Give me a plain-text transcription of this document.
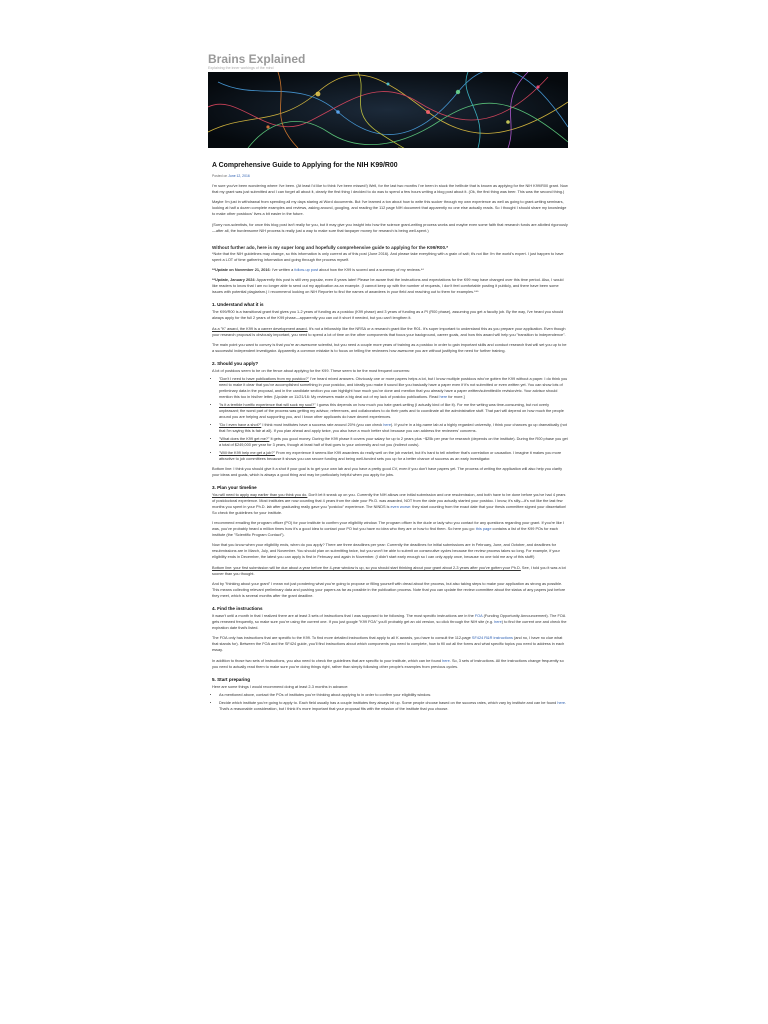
Brains Explained
Explaining the inner workings of the mind
A Comprehensive Guide to Applying for the NIH K99/R00
Posted on June 12, 2016

I'm sure you've been wondering where I've been. (At least I'd like to think I've been missed!) Well, for the last two months I've been in stuck the hellhole that is known as applying for the NIH K99/R00 grant. Now that my grant was just submitted and I can forget all about it, clearly the first thing I decided to do was to spend a few hours writing a blog post about it. (Ok, the first thing was beer. This was the second thing.)

Maybe I'm just in withdrawal from spending all my days staring at Word documents. But I've learned a ton about how to write this sucker through my own experience as well as going to grant-writing seminars, looking at half a dozen complete examples and reviews, asking around, googling, and reading the 112 page NIH document that apparently no one else actually reads. So I thought I should share my knowledge to make other postdocs' lives a bit easier in the future.

(Sorry non-scientists, for once this blog post isn't really for you, but it may give you insight into how the science grant-writing process works and maybe even some faith that research funds are allotted rigorously—after all, the burdensome NIH process is really just a way to make sure that taxpayer money for research is being well-spent.)

Without further ado, here is my super long and hopefully comprehensive guide to applying for the K99/R00.*
*Note that the NIH guidelines may change, so this information is only current as of this post (June 2016). And please take everything with a grain of salt; it's not like I'm the world's expert. I just happen to have spent a LOT of time gathering information and going through the process myself.

**Update on November 21, 2016: I've written a follow-up post about how the K99 is scored and a summary of my reviews.**

**Update, January 2024: Apparently this post is still very popular, even 8 years later! Please be aware that the instructions and expectations for the K99 may have changed over this time period. Also, I would like readers to know that I am no longer able to send out my application as an example. (I cannot keep up with the number of requests, I don't feel comfortable posting it publicly, and there have been some issues with potential plagiarism.) I recommend looking on NIH Reporter to find the names of awardees in your field and reaching out to them for examples.***

1. Understand what it is

The K99/R00 is a transitional grant that gives you 1-2 years of funding as a postdoc (K99 phase) and 3 years of funding as a PI (R00 phase), assuming you get a faculty job. By the way, I've heard you should always apply for the full 2 years of the K99 phase—apparently you can cut it short if needed, but you can't lengthen it.

As a "K" award, the K99 is a career development award. It's not a fellowship like the NRSA or a research grant like the R01. It's super important to understand this as you prepare your application. Even though your research proposal is obviously important, you need to spend a lot of time on the other components that focus your background, career goals, and how this award will help you "transition to independence".

The main point you want to convey is that you're an awesome scientist, but you need a couple more years of training as a postdoc in order to gain important skills and conduct research that will set you up to be a successful independent investigator. Apparently a common mistake is to focus on telling the reviewers how awesome you are without justifying the need for further training.

2. Should you apply?

A lot of postdocs seem to be on the fence about applying for the K99. These seem to be the most frequent concerns:

• "Don't I need to have publications from my postdoc?" I've heard mixed answers. Obviously one or more papers helps a lot, but I know multiple postdocs who've gotten the K99 without a paper. I do think you need to make it clear that you've accomplished something in your postdoc, and ideally you make it sound like you basically have a paper even if it's not submitted or even written yet. You can show lots of preliminary data in the proposal, and in the candidate section you can highlight how much you've done and mention that you already have a paper written/submitted/in revision/etc. Your advisor should mention this too in his/her letter. [Update on 11/21/16: My reviewers made a big deal out of my lack of postdoc publications. Read here for more.]
• "Is it a terrible horrific experience that will suck my soul?" I guess this depends on how much you hate grant-writing (I actually kind of like it). For me the writing was time-consuming, but not overly unpleasant; the worst part of the process was getting my advisor, references, and collaborators to do their parts and to coordinate all the administrative stuff. That part will depend on how much the people around you are helping and supporting you, and I know other applicants do have decent experiences.
• "Do I even have a shot?" I think most institutes have a success rate around 20% (you can check here). If you're in a big-name lab at a highly regarded university, I think your chances go up dramatically (not that I'm saying this is fair at all). If you plan ahead and apply twice, you also have a much better shot because you can address the reviewers' concerns.
• "What does the K99 get me?" It gets you good money. During the K99 phase it covers your salary for up to 2 years plus ~$25k per year for research (depends on the institute). During the R00 phase you get a total of $249,000 per year for 3 years, though at least half of that goes to your university and not you (indirect costs).
• "Will the K99 help me get a job?" From my experience it seems like K99 awardees do really well on the job market, but it's hard to tell whether that's correlation or causation. I imagine it makes you more attractive to job committees because it shows you can secure funding and being well-funded sets you up for a better chance of success as an early investigator.

Bottom line: I think you should give it a shot if your goal is to get your own lab and you have a pretty good CV, even if you don't have papers yet. The process of writing the application will also help you clarify your ideas and goals, which is always a good thing and may be particularly helpful when you apply for jobs.

3. Plan your timeline

You will need to apply way earlier than you think you do. Don't let it sneak up on you. Currently the NIH allows one initial submission and one resubmission, and both have to be done before you've had 4 years of postdoctoral experience. Most institutes are now counting that 4 years from the date your Ph.D. was awarded, NOT from the date you actually started your postdoc. I know, it's silly—it's not like the last few months you spent in your Ph.D. lab after graduating really gave you "postdoc" experience. The NINDS is even worse: they start counting from the exact date that your thesis committee signed your dissertation! So check the guidelines for your institute.

I recommend emailing the program officer (PO) for your institute to confirm your eligibility window. The program officer is the dude or lady who you contact for any questions regarding your grant. If you're like I was, you've probably heard a million times how it's a good idea to contact your PO but you have no idea who they are or how to find them. So here you go: this page contains a list of the K99 POs for each institute (the "Scientific Program Contact").

Now that you know when your eligibility ends, when do you apply? There are three deadlines per year: Currently the deadlines for initial submissions are in February, June, and October, and deadlines for resubmissions are in March, July, and November. You should plan on submitting twice, but you won't be able to submit on consecutive cycles because the review process takes so long. For example, if your eligibility ends in December, the latest you can apply is first in February and again in November. (I didn't start early enough so I can only apply once, because no one told me any of this stuff!)

Bottom line: your first submission will be due about a year before the 4-year window is up, so you should start thinking about your grant about 2-3 years after you've gotten your Ph.D. See, I told you it was a lot sooner than you thought.

And by "thinking about your grant" I mean not just pondering what you're going to propose or filling yourself with dread about the process, but also taking steps to make your application as strong as possible. This means collecting relevant preliminary data and pushing your papers as far as possible in the publication process. Note that you can update the review committee about the status of any papers just before they meet, which is several months after the grant deadline.

4. Find the instructions

It wasn't until a month in that I realized there are at least 3 sets of instructions that I was supposed to be following. The most specific instructions are in the FOA (Funding Opportunity Announcement). The FOA gets renewed frequently, so make sure you're using the current one. If you just google "K99 FOA" you'll probably get an old version, so click through the NIH site (e.g. here) to find the current one and check the expiration date that's listed.

The FOA only has instructions that are specific to the K99. To find more detailed instructions that apply to all K awards, you have to consult the 112-page SF424 R&R instructions (and no, I have no clue what that stands for). Between the FOA and the SF424 guide, you'll find instructions about which components you need to complete, how to fill out all the forms and what specific topics you need to address in each essay.

In addition to those two sets of instructions, you also need to check the guidelines that are specific to your institute, which can be found here. So, 3 sets of instructions. All the instructions change frequently so you need to actually read them to make sure you're doing things right, rather than simply following other people's examples from previous cycles.

5. Start preparing

Here are some things I would recommend doing at least 2-3 months in advance:

• As mentioned above, contact the POs of institutes you're thinking about applying to in order to confirm your eligibility window.
• Decide which institute you're going to apply to. Each field usually has a couple institutes they always hit up. Some people choose based on the success rates, which vary by institute and can be found here. That's a reasonable consideration, but I think it's more important that your proposal fits with the mission of the institute that you choose.
